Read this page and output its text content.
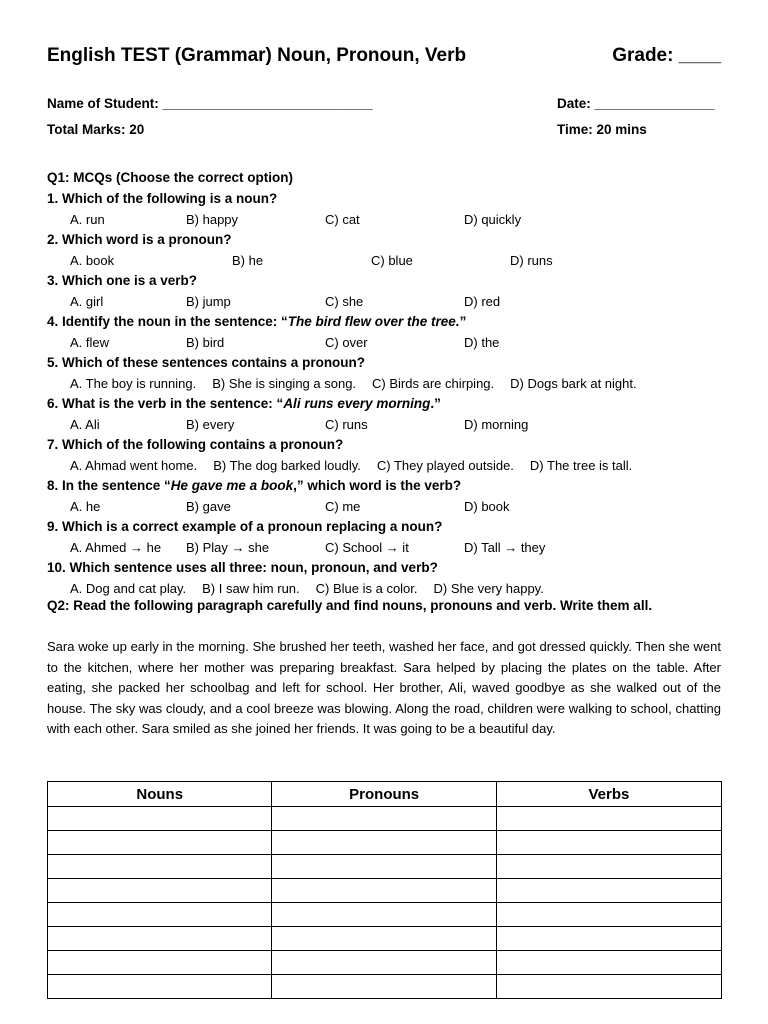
English TEST (Grammar) Noun, Pronoun, Verb	Grade: ____
Name of Student: ____________________________	Date: ________________
Total Marks: 20	Time: 20 mins
Q1: MCQs (Choose the correct option)
1. Which of the following is a noun?
A. run	B) happy	C) cat	D) quickly
2. Which word is a pronoun?
A. book	B) he	C) blue	D) runs
3. Which one is a verb?
A. girl	B) jump	C) she	D) red
4. Identify the noun in the sentence: “The bird flew over the tree.”
A. flew	B) bird	C) over	D) the
5. Which of these sentences contains a pronoun?
A. The boy is running. B) She is singing a song. C) Birds are chirping. D) Dogs bark at night.
6. What is the verb in the sentence: “Ali runs every morning.”
A. Ali	B) every	C) runs	D) morning
7. Which of the following contains a pronoun?
A. Ahmad went home. B) The dog barked loudly. C) They played outside. D) The tree is tall.
8. In the sentence “He gave me a book,” which word is the verb?
A. he	B) gave	C) me	D) book
9. Which is a correct example of a pronoun replacing a noun?
A. Ahmed → he B) Play → she	C) School → it	D) Tall → they
10. Which sentence uses all three: noun, pronoun, and verb?
A. Dog and cat play. B) I saw him run. C) Blue is a color. D) She very happy.
Q2: Read the following paragraph carefully and find nouns, pronouns and verb. Write them all.
Sara woke up early in the morning. She brushed her teeth, washed her face, and got dressed quickly. Then she went to the kitchen, where her mother was preparing breakfast. Sara helped by placing the plates on the table. After eating, she packed her schoolbag and left for school. Her brother, Ali, waved goodbye as she walked out of the house. The sky was cloudy, and a cool breeze was blowing. Along the road, children were walking to school, chatting with each other. Sara smiled as she joined her friends. It was going to be a beautiful day.
Nouns	Pronouns	Verbs
